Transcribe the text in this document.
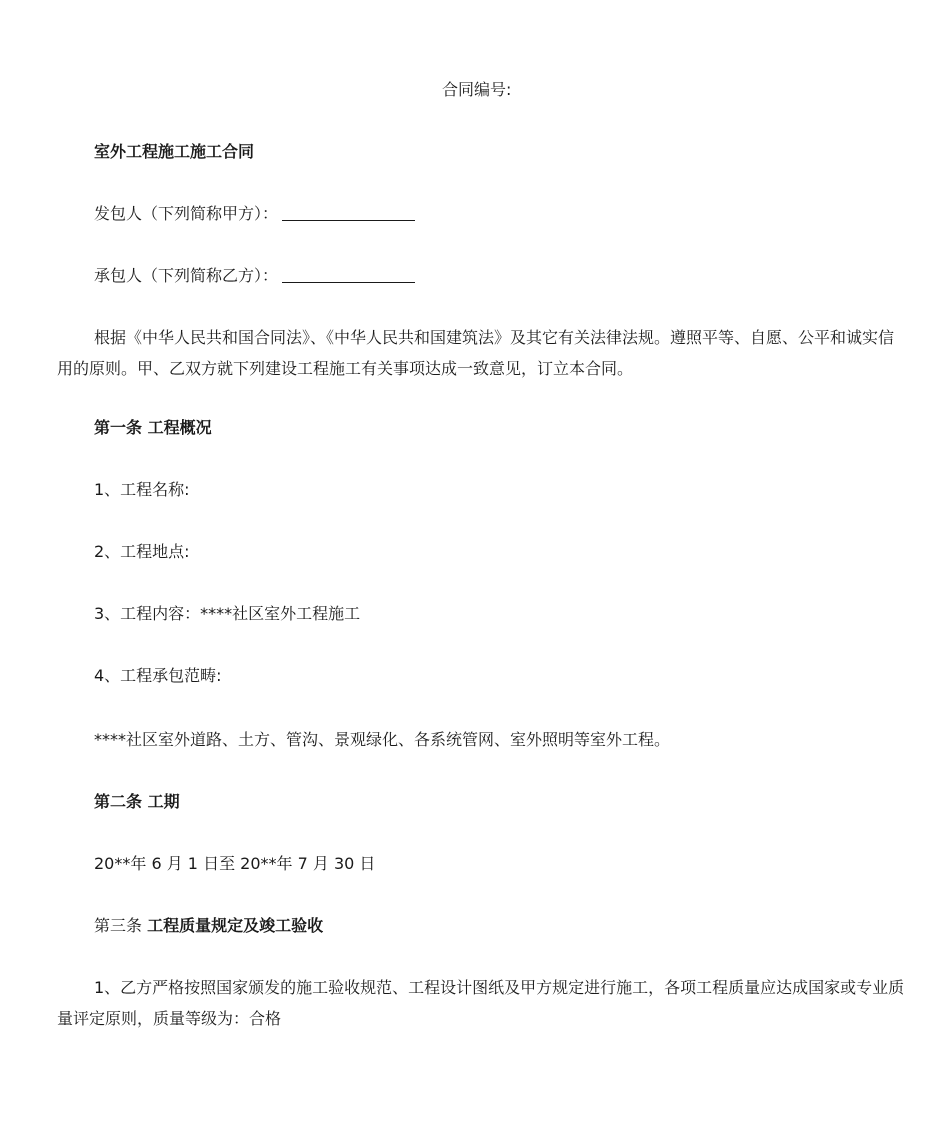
合同编号:
室外工程施工施工合同
发包人（下列简称甲方）：
承包人（下列简称乙方）：
根据《中华人民共和国合同法》、《中华人民共和国建筑法》及其它有关法律法规。遵照平等、自愿、公平和诚实信用的原则。甲、乙双方就下列建设工程施工有关事项达成一致意见，订立本合同。
第一条 工程概况
1、工程名称:
2、工程地点:
3、工程内容：****社区室外工程施工
4、工程承包范畴:
****社区室外道路、土方、管沟、景观绿化、各系统管网、室外照明等室外工程。
第二条 工期
20**年 6 月 1 日至 20**年 7 月 30 日
第三条 工程质量规定及竣工验收
1、乙方严格按照国家颁发的施工验收规范、工程设计图纸及甲方规定进行施工，各项工程质量应达成国家或专业质量评定原则，质量等级为：合格
